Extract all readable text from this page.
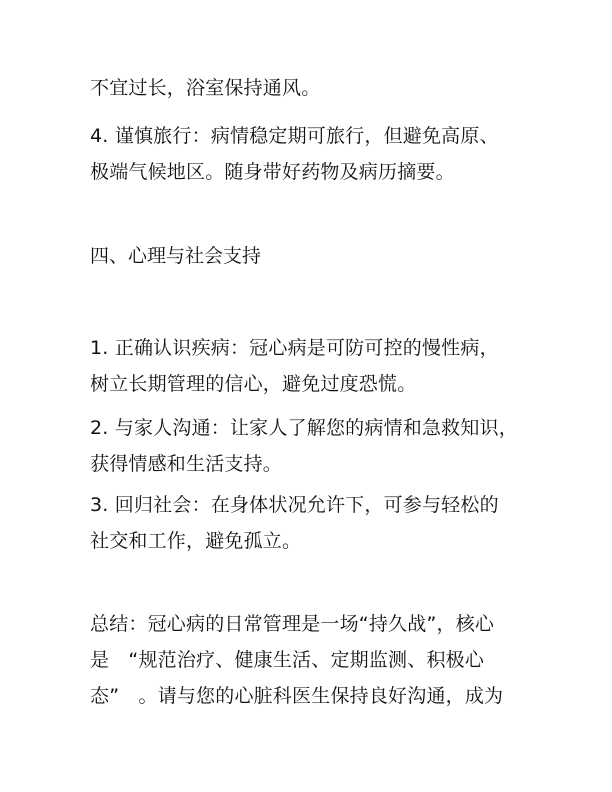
不宜过长，浴室保持通风。

4. 谨慎旅行：病情稳定期可旅行，但避免高原、
极端气候地区。随身带好药物及病历摘要。

四、心理与社会支持

1. 正确认识疾病：冠心病是可防可控的慢性病，
树立长期管理的信心，避免过度恐慌。

2. 与家人沟通：让家人了解您的病情和急救知识，
获得情感和生活支持。

3. 回归社会：在身体状况允许下，可参与轻松的
社交和工作，避免孤立。

总结：冠心病的日常管理是一场“持久战”，核心
是　“规范治疗、健康生活、定期监测、积极心
态”　。请与您的心脏科医生保持良好沟通，成为
